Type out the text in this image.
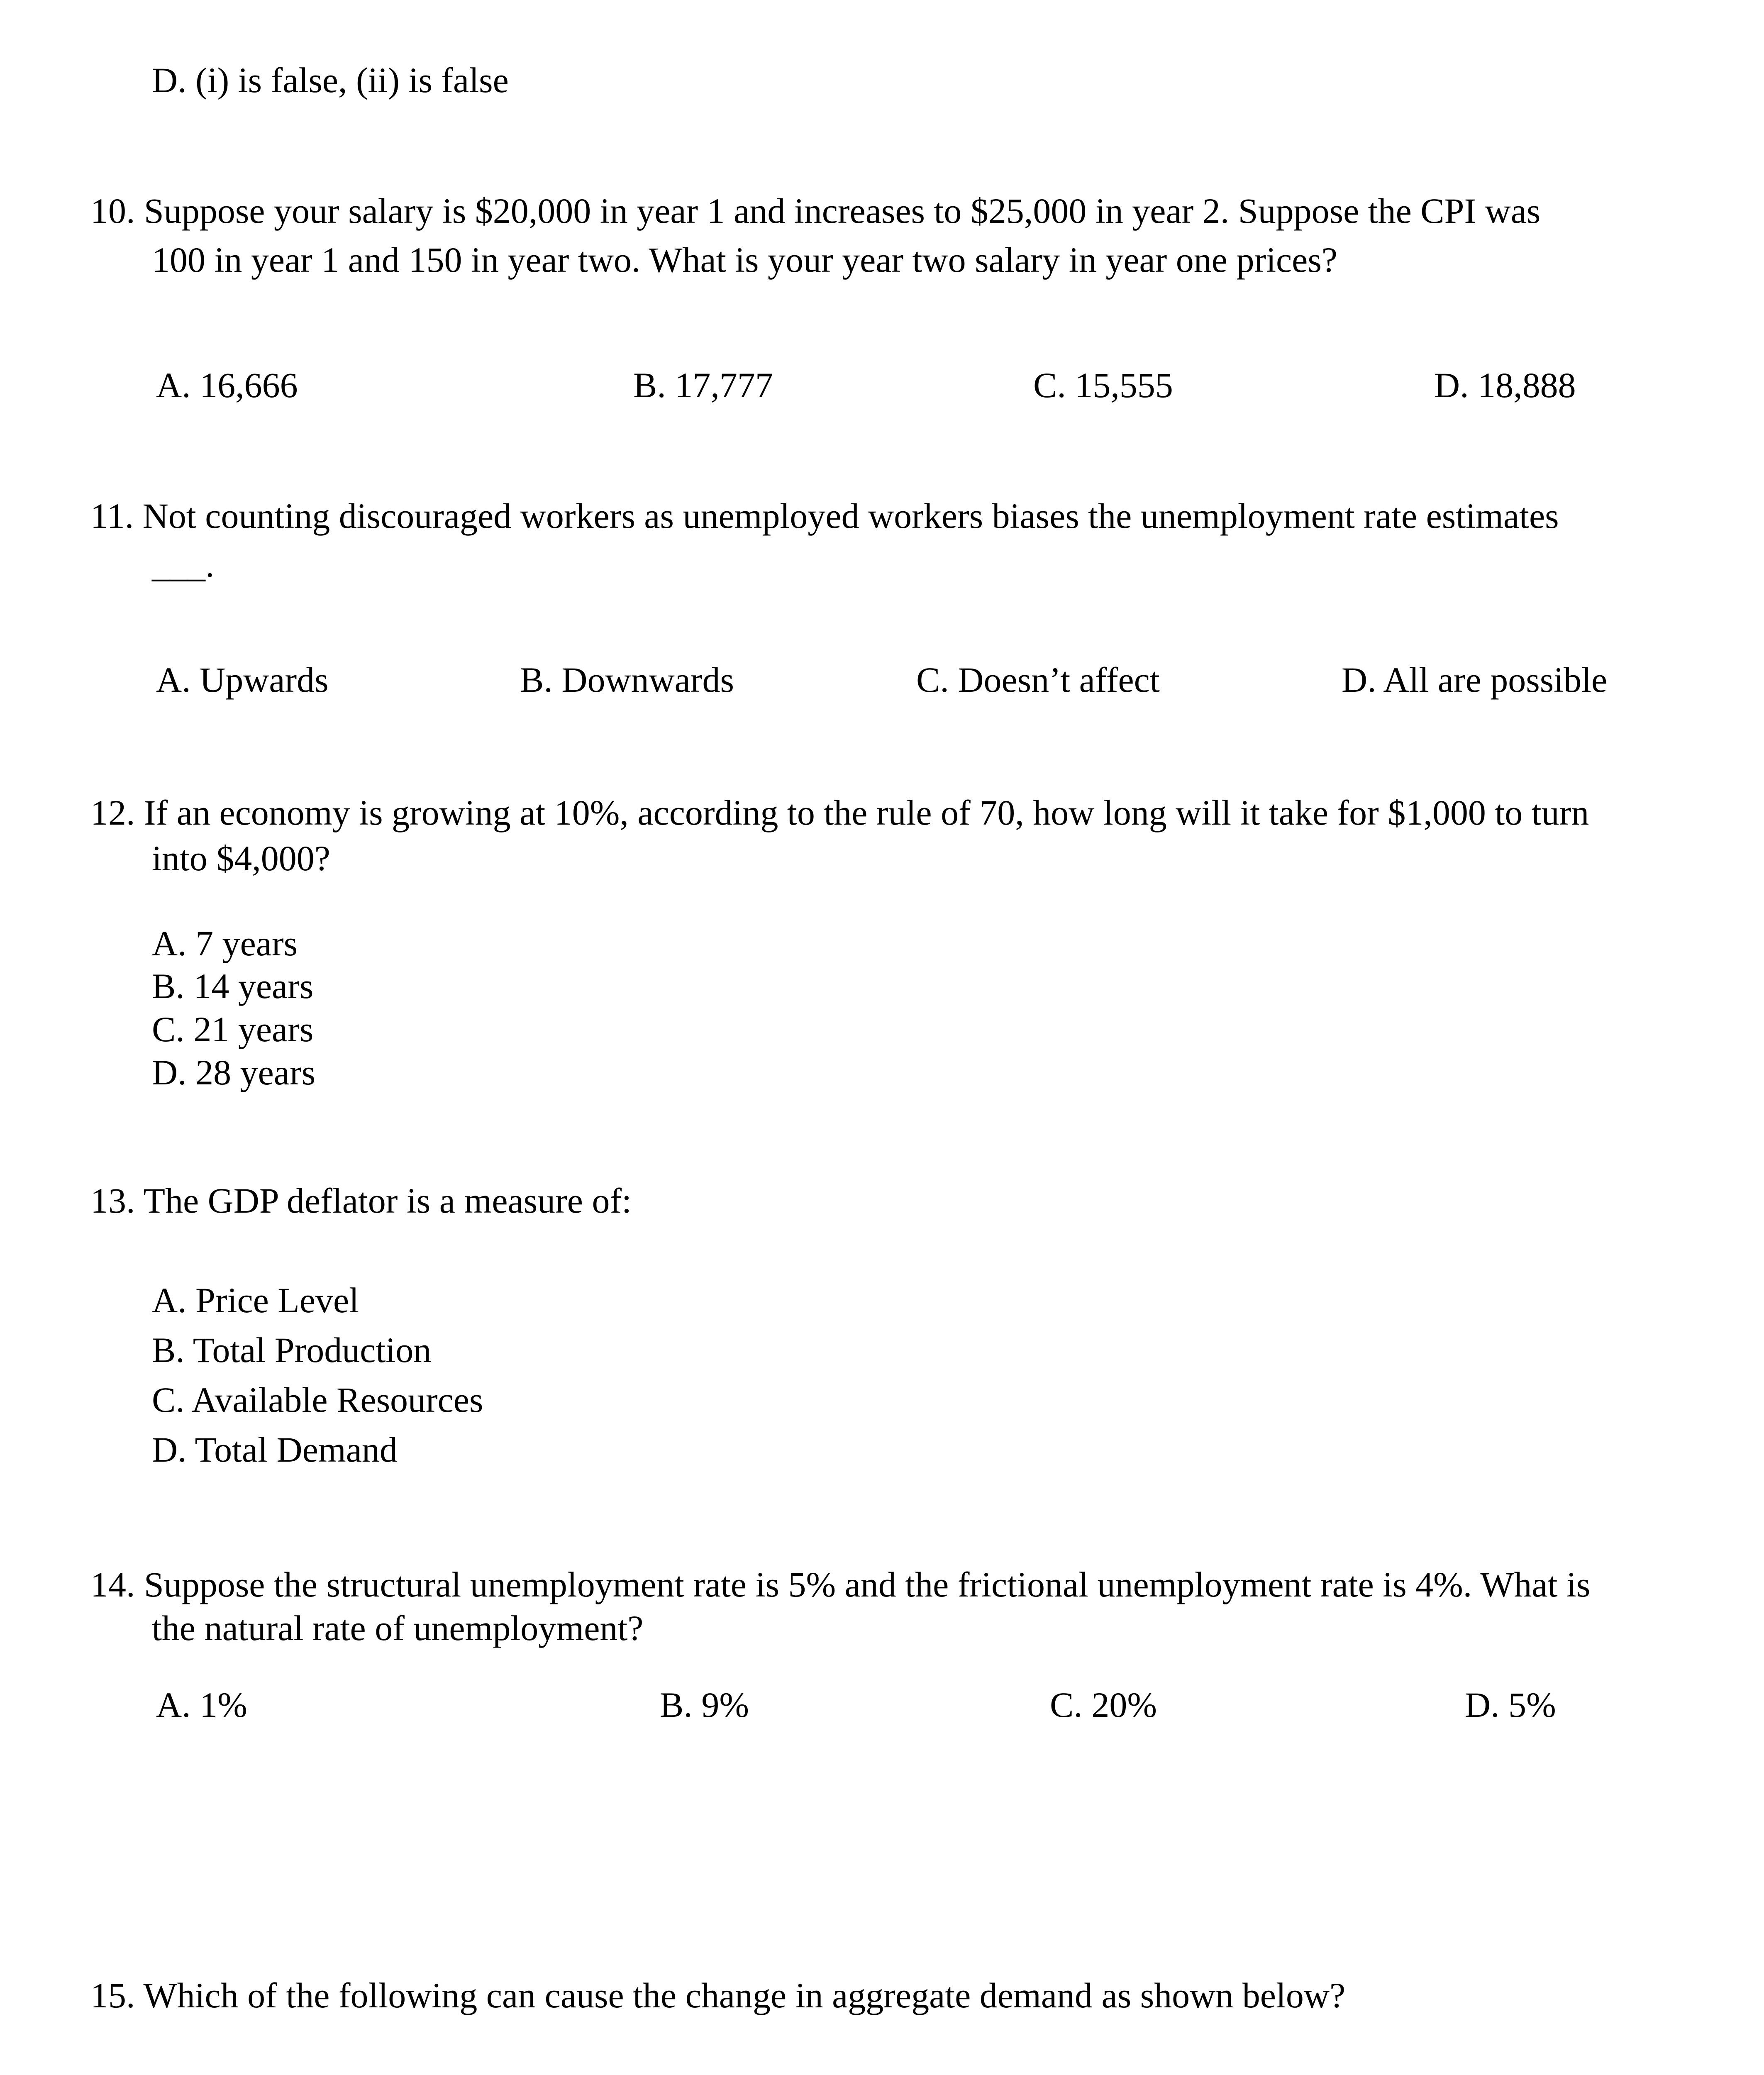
D. (i) is false, (ii) is false
10. Suppose your salary is $20,000 in year 1 and increases to $25,000 in year 2. Suppose the CPI was
100 in year 1 and 150 in year two. What is your year two salary in year one prices?
A. 16,666	B. 17,777	C. 15,555	D. 18,888
11. Not counting discouraged workers as unemployed workers biases the unemployment rate estimates
___.
A. Upwards	B. Downwards	C. Doesn’t affect	D. All are possible
12. If an economy is growing at 10%, according to the rule of 70, how long will it take for $1,000 to turn
into $4,000?
A. 7 years
B. 14 years
C. 21 years
D. 28 years
13. The GDP deflator is a measure of:
A. Price Level
B. Total Production
C. Available Resources
D. Total Demand
14. Suppose the structural unemployment rate is 5% and the frictional unemployment rate is 4%. What is
the natural rate of unemployment?
A. 1%	B. 9%	C. 20%	D. 5%
15. Which of the following can cause the change in aggregate demand as shown below?
